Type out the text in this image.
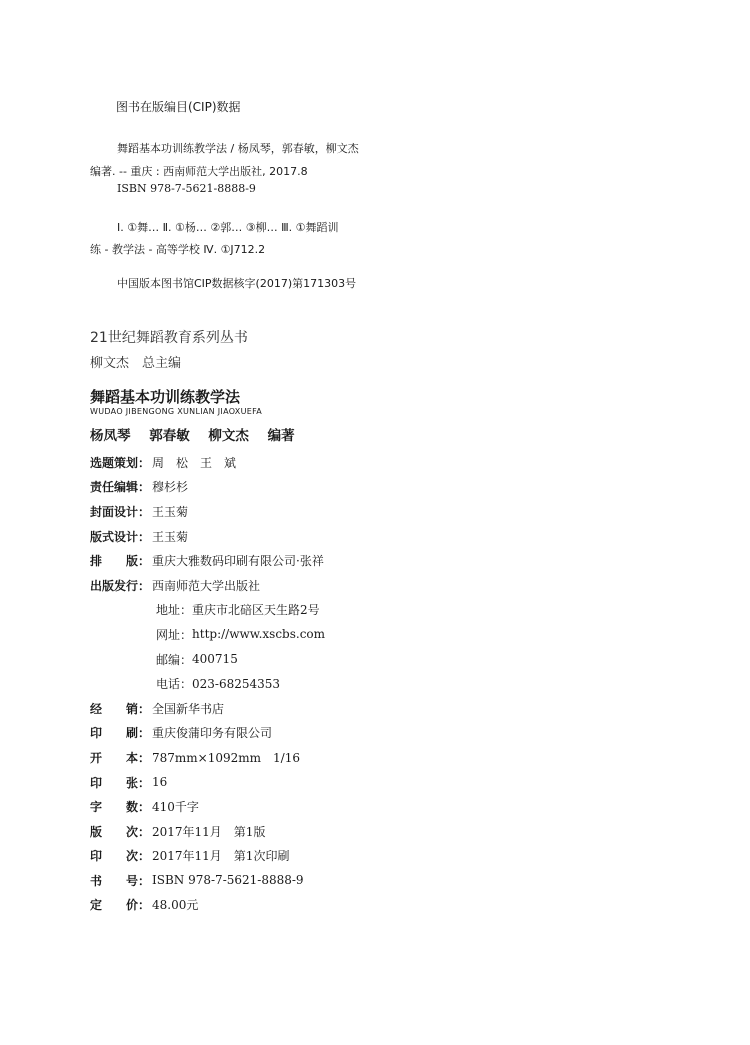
图书在版编目(CIP)数据
舞蹈基本功训练教学法 / 杨凤琴，郭春敏，柳文杰
编著. -- 重庆 : 西南师范大学出版社, 2017.8
ISBN 978-7-5621-8888-9
Ⅰ. ①舞… Ⅱ. ①杨… ②郭… ③柳… Ⅲ. ①舞蹈训
练 - 教学法 - 高等学校 Ⅳ. ①J712.2
中国版本图书馆CIP数据核字(2017)第171303号
21世纪舞蹈教育系列丛书
柳文杰　总主编
舞蹈基本功训练教学法
WUDAO JIBENGONG XUNLIAN JIAOXUEFA
杨凤琴 郭春敏 柳文杰 编著
选题策划： 周　松　王　斌
责任编辑： 穆杉杉
封面设计： 王玉菊
版式设计： 王玉菊
排　　版： 重庆大雅数码印刷有限公司·张祥
出版发行： 西南师范大学出版社
地址： 重庆市北碚区天生路2号
网址： http://www.xscbs.com
邮编： 400715
电话： 023-68254353
经　　销： 全国新华书店
印　　刷： 重庆俊蒲印务有限公司
开　　本： 787mm×1092mm　1/16
印　　张： 16
字　　数： 410千字
版　　次： 2017年11月　第1版
印　　次： 2017年11月　第1次印刷
书　　号： ISBN 978-7-5621-8888-9
定　　价： 48.00元
